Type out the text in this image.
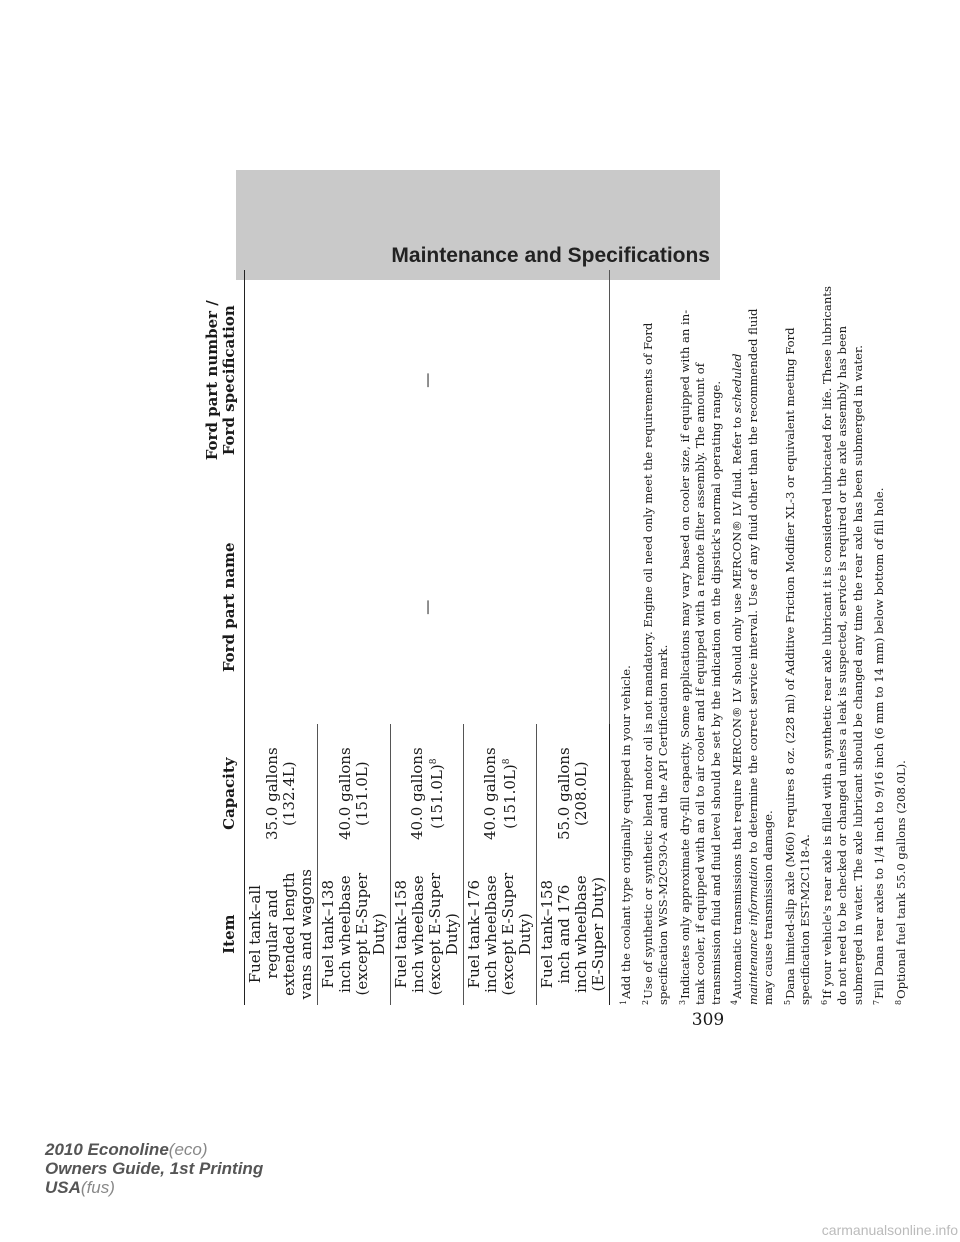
Maintenance and Specifications
Item	Capacity	Ford part name	Ford part number /
Ford specification
Fuel tank–all regular and extended length vans and wagons	35.0 gallons (132.4L)	—	—
Fuel tank–138 inch wheelbase (except E-Super Duty)	40.0 gallons (151.0L)		
Fuel tank–158 inch wheelbase (except E-Super Duty)	40.0 gallons $(151.0L)^8$
Fuel tank–176 inch wheelbase (except E-Super Duty)	40.0 gallons $(151.0L)^8$
Fuel tank–158 inch and 176 inch wheelbase (E-Super Duty)	55.0 gallons (208.0L)		

$^1$Add the coolant type originally equipped in your vehicle.

$^2$Use of synthetic or synthetic blend motor oil is not mandatory. Engine oil need only meet the requirements of Ford specification WSS-M2C930-A and the API Certification mark. $^3$Indicates only approximate dry-fill capacity. Some applications may vary based on cooler size, if equipped with an in-tank cooler, if equipped with an oil to air cooler and if equipped with a remote filter assembly. The amount of transmission fluid and fluid level should be set by the indication on the dipstick's normal operating range. $^4$Automatic transmissions that require MERCON® LV should only use MERCON® LV fluid. Refer to scheduled maintenance information to determine the correct service interval. Use of any fluid other than the recommended fluid may cause transmission damage. $^5$Dana limited-slip axle (M60) requires 8 oz. (228 ml) of Additive Friction Modifier XL-3 or equivalent meeting Ford specification EST-M2C118-A. $^6$If your vehicle's rear axle is filled with a synthetic rear axle lubricant it is considered lubricated for life. These lubricants do not need to be checked or changed unless a leak is suspected, service is required or the axle assembly has been submerged in water. The axle lubricant should be changed any time the rear axle has been submerged in water. $^7$Fill Dana rear axles to 1/4 inch to 9/16 inch (6 mm to 14 mm) below bottom of fill hole.

$^8$Optional fuel tank 55.0 gallons (208.0L).

309
2010 Econoline(eco)
Owners Guide, 1st Printing
USA(fus)
carmanualsonline.info
